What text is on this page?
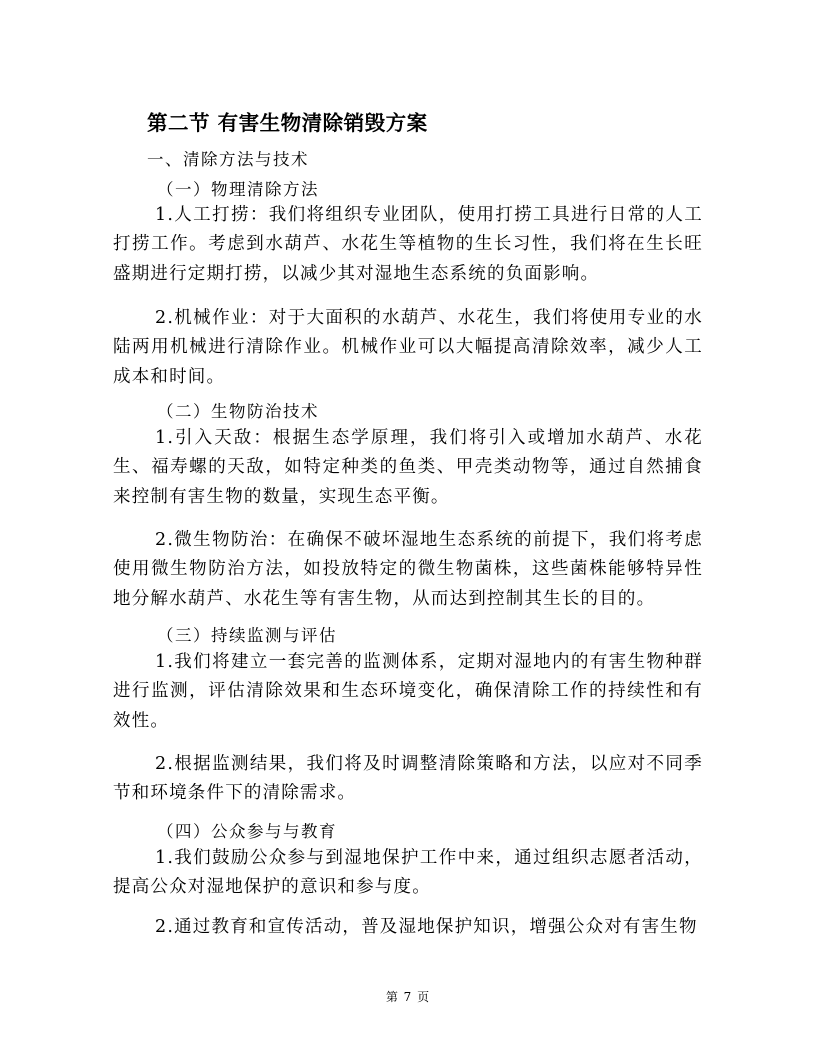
第二节 有害生物清除销毁方案
一、清除方法与技术
（一）物理清除方法

1.人工打捞：我们将组织专业团队，使用打捞工具进行日常的人工打捞工作。考虑到水葫芦、水花生等植物的生长习性，我们将在生长旺盛期进行定期打捞，以减少其对湿地生态系统的负面影响。

2.机械作业：对于大面积的水葫芦、水花生，我们将使用专业的水陆两用机械进行清除作业。机械作业可以大幅提高清除效率，减少人工成本和时间。

（二）生物防治技术

1.引入天敌：根据生态学原理，我们将引入或增加水葫芦、水花生、福寿螺的天敌，如特定种类的鱼类、甲壳类动物等，通过自然捕食来控制有害生物的数量，实现生态平衡。

2.微生物防治：在确保不破坏湿地生态系统的前提下，我们将考虑使用微生物防治方法，如投放特定的微生物菌株，这些菌株能够特异性地分解水葫芦、水花生等有害生物，从而达到控制其生长的目的。

（三）持续监测与评估

1.我们将建立一套完善的监测体系，定期对湿地内的有害生物种群进行监测，评估清除效果和生态环境变化，确保清除工作的持续性和有效性。

2.根据监测结果，我们将及时调整清除策略和方法，以应对不同季节和环境条件下的清除需求。

（四）公众参与与教育

1.我们鼓励公众参与到湿地保护工作中来，通过组织志愿者活动，提高公众对湿地保护的意识和参与度。

2.通过教育和宣传活动，普及湿地保护知识，增强公众对有害生物

第 7 页
